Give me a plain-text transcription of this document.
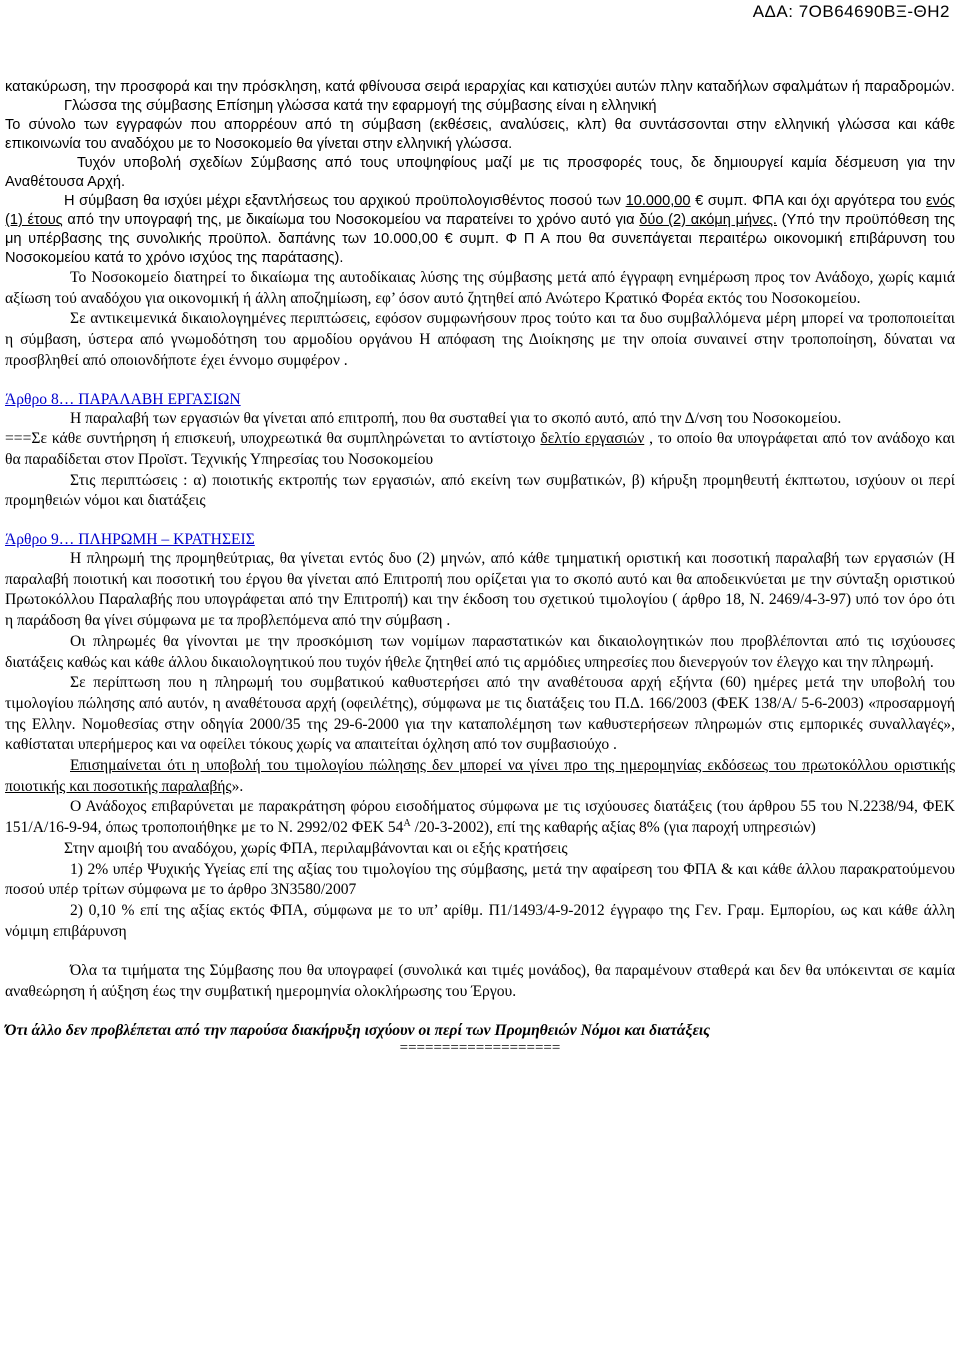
ΑΔΑ: 7ΟΒ64690ΒΞ-ΘΗ2

κατακύρωση, την προσφορά και την πρόσκληση, κατά φθίνουσα σειρά ιεραρχίας και κατισχύει αυτών πλην καταδήλων σφαλμάτων ή παραδρομών.

Γλώσσα της σύμβασης Επίσημη γλώσσα κατά την εφαρμογή της σύμβασης είναι η ελληνική

Το σύνολο των εγγραφών που απορρέουν από τη σύμβαση (εκθέσεις, αναλύσεις, κλπ) θα συντάσσονται στην ελληνική γλώσσα και κάθε επικοινωνία του αναδόχου με το Νοσοκομείο θα γίνεται στην ελληνική γλώσσα.

Τυχόν υποβολή σχεδίων Σύμβασης από τους υποψηφίους μαζί με τις προσφορές τους, δε δημιουργεί καμία δέσμευση για την Αναθέτουσα Αρχή.

Η σύμβαση θα ισχύει μέχρι εξαντλήσεως του αρχικού προϋπολογισθέντος ποσού των 10.000,00 € συμπ. ΦΠΑ και όχι αργότερα του ενός (1) έτους από την υπογραφή της, με δικαίωμα του Νοσοκομείου να παρατείνει το χρόνο αυτό για δύο (2) ακόμη μήνες. (Υπό την προϋπόθεση της μη υπέρβασης της συνολικής προϋπολ. δαπάνης των 10.000,00 € συμπ. Φ Π Α που θα συνεπάγεται περαιτέρω οικονομική επιβάρυνση του Νοσοκομείου κατά το χρόνο ισχύος της παράτασης).

Το Νοσοκομείο διατηρεί το δικαίωμα της αυτοδίκαιας λύσης της σύμβασης μετά από έγγραφη ενημέρωση προς τον Ανάδοχο, χωρίς καμιά αξίωση τού αναδόχου για οικονομική ή άλλη αποζημίωση, εφ’ όσον αυτό ζητηθεί από Ανώτερο Κρατικό Φορέα εκτός του Νοσοκομείου.

Σε αντικειμενικά δικαιολογημένες περιπτώσεις, εφόσον συμφωνήσουν προς τούτο και τα δυο συμβαλλόμενα μέρη μπορεί να τροποποιείται η σύμβαση, ύστερα από γνωμοδότηση του αρμοδίου οργάνου Η απόφαση της Διοίκησης με την οποία συναινεί στην τροποποίηση, δύναται να προσβληθεί από οποιονδήποτε έχει έννομο συμφέρον .

Άρθρο 8… ΠΑΡΑΛΑΒΗ ΕΡΓΑΣΙΩΝ

Η παραλαβή των εργασιών θα γίνεται από επιτροπή, που θα συσταθεί για το σκοπό αυτό, από την Δ/νση του Νοσοκομείου.

===Σε κάθε συντήρηση ή επισκευή, υποχρεωτικά θα συμπληρώνεται το αντίστοιχο δελτίο εργασιών , το οποίο θα υπογράφεται από τον ανάδοχο και θα παραδίδεται στον Προϊστ. Τεχνικής Υπηρεσίας του Νοσοκομείου

Στις περιπτώσεις : α) ποιοτικής εκτροπής των εργασιών, από εκείνη των συμβατικών, β) κήρυξη προμηθευτή έκπτωτου, ισχύουν οι περί προμηθειών νόμοι και διατάξεις

Άρθρο 9… ΠΛΗΡΩΜΗ – ΚΡΑΤΗΣΕΙΣ

Η πληρωμή της προμηθεύτριας, θα γίνεται εντός δυο (2) μηνών, από κάθε τμηματική οριστική και ποσοτική παραλαβή των εργασιών (Η παραλαβή ποιοτική και ποσοτική του έργου θα γίνεται από Επιτροπή που ορίζεται για το σκοπό αυτό και θα αποδεικνύεται με την σύνταξη οριστικού Πρωτοκόλλου Παραλαβής που υπογράφεται από την Επιτροπή) και την έκδοση του σχετικού τιμολογίου ( άρθρο 18, Ν. 2469/4-3-97) υπό τον όρο ότι η παράδοση θα γίνει σύμφωνα με τα προβλεπόμενα από την σύμβαση .

Οι πληρωμές θα γίνονται με την προσκόμιση των νομίμων παραστατικών και δικαιολογητικών που προβλέπονται από τις ισχύουσες διατάξεις καθώς και κάθε άλλου δικαιολογητικού που τυχόν ήθελε ζητηθεί από τις αρμόδιες υπηρεσίες που διενεργούν τον έλεγχο και την πληρωμή.

Σε περίπτωση που η πληρωμή του συμβατικού καθυστερήσει από την αναθέτουσα αρχή εξήντα (60) ημέρες μετά την υποβολή του τιμολογίου πώλησης από αυτόν, η αναθέτουσα αρχή (οφειλέτης), σύμφωνα με τις διατάξεις του Π.Δ. 166/2003 (ΦΕΚ 138/Α/ 5-6-2003) «προσαρμογή της Ελλην. Νομοθεσίας στην οδηγία 2000/35 της 29-6-2000 για την καταπολέμηση των καθυστερήσεων πληρωμών στις εμπορικές συναλλαγές», καθίσταται υπερήμερος και να οφείλει τόκους χωρίς να απαιτείται όχληση από τον συμβασιούχο .

Επισημαίνεται ότι η υποβολή του τιμολογίου πώλησης δεν μπορεί να γίνει προ της ημερομηνίας εκδόσεως του πρωτοκόλλου οριστικής ποιοτικής και ποσοτικής παραλαβής».

Ο Ανάδοχος επιβαρύνεται με παρακράτηση φόρου εισοδήματος σύμφωνα με τις ισχύουσες διατάξεις (του άρθρου 55 του Ν.2238/94, ΦΕΚ 151/Α/16-9-94, όπως τροποποιήθηκε με το Ν. 2992/02 ΦΕΚ $54^A$ /20-3-2002), επί της καθαρής αξίας 8% (για παροχή υπηρεσιών)

Στην αμοιβή του αναδόχου, χωρίς ΦΠΑ, περιλαμβάνονται και οι εξής κρατήσεις

1) 2% υπέρ Ψυχικής Υγείας επί της αξίας του τιμολογίου της σύμβασης, μετά την αφαίρεση του ΦΠΑ & και κάθε άλλου παρακρατούμενου ποσού υπέρ τρίτων σύμφωνα με το άρθρο 3Ν3580/2007

2) 0,10 % επί της αξίας εκτός ΦΠΑ, σύμφωνα με το υπ’ αρίθμ. Π1/1493/4-9-2012 έγγραφο της Γεν. Γραμ. Εμπορίου, ως και κάθε άλλη νόμιμη επιβάρυνση

Όλα τα τιμήματα της Σύμβασης που θα υπογραφεί (συνολικά και τιμές μονάδος), θα παραμένουν σταθερά και δεν θα υπόκεινται σε καμία αναθεώρηση ή αύξηση έως την συμβατική ημερομηνία ολοκλήρωσης του Έργου.

Ότι άλλο δεν προβλέπεται από την παρούσα διακήρυξη ισχύουν οι περί των Προμηθειών Νόμοι και διατάξεις

===================
